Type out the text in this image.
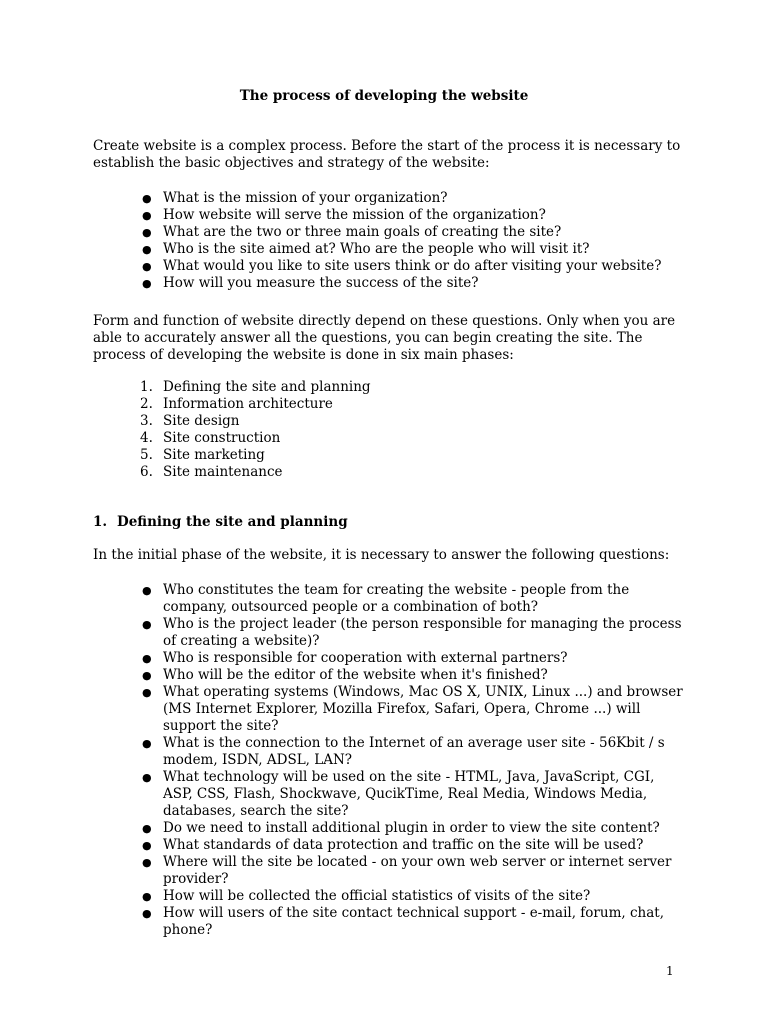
The process of developing the website
Create website is a complex process. Before the start of the process it is necessary to establish the basic objectives and strategy of the website:
● What is the mission of your organization?
● How website will serve the mission of the organization?
● What are the two or three main goals of creating the site?
● Who is the site aimed at? Who are the people who will visit it?
● What would you like to site users think or do after visiting your website?
● How will you measure the success of the site?
Form and function of website directly depend on these questions. Only when you are able to accurately answer all the questions, you can begin creating the site. The process of developing the website is done in six main phases:
1. Defining the site and planning
2. Information architecture
3. Site design
4. Site construction
5. Site marketing
6. Site maintenance
1. Defining the site and planning
In the initial phase of the website, it is necessary to answer the following questions:
● Who constitutes the team for creating the website - people from the company, outsourced people or a combination of both?
● Who is the project leader (the person responsible for managing the process of creating a website)?
● Who is responsible for cooperation with external partners?
● Who will be the editor of the website when it's finished?
● What operating systems (Windows, Mac OS X, UNIX, Linux ...) and browser (MS Internet Explorer, Mozilla Firefox, Safari, Opera, Chrome ...) will support the site?
● What is the connection to the Internet of an average user site - 56Kbit / s modem, ISDN, ADSL, LAN?
● What technology will be used on the site - HTML, Java, JavaScript, CGI, ASP, CSS, Flash, Shockwave, QucikTime, Real Media, Windows Media, databases, search the site?
● Do we need to install additional plugin in order to view the site content?
● What standards of data protection and traffic on the site will be used?
● Where will the site be located - on your own web server or internet server provider?
● How will be collected the official statistics of visits of the site?
● How will users of the site contact technical support - e-mail, forum, chat, phone?
1
